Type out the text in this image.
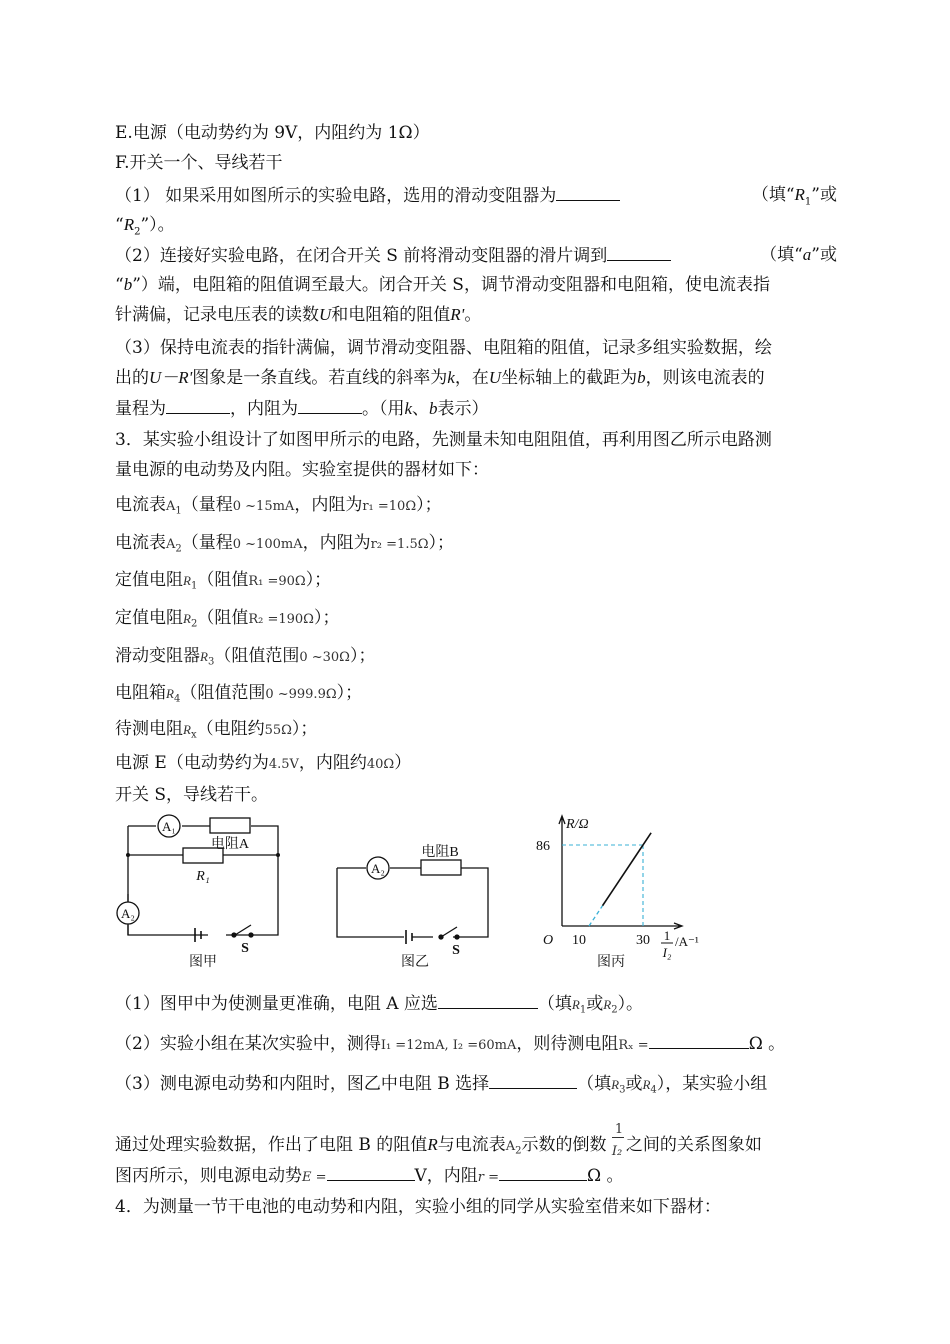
E.电源（电动势约为 9V，内阻约为 1Ω）
F.开关一个、导线若干
（1） 如果采用如图所示的实验电路，选用的滑动变阻器为	（填“$R_1$”或
“$R_2$”）。
（2）连接好实验电路，在闭合开关 S 前将滑动变阻器的滑片调到	（填“a”或
“b”）端，电阻箱的阻值调至最大。闭合开关 S，调节滑动变阻器和电阻箱，使电流表指
针满偏，记录电压表的读数U和电阻箱的阻值R'。
（3）保持电流表的指针满偏，调节滑动变阻器、电阻箱的阻值，记录多组实验数据，绘
出的U－R'图象是一条直线。若直线的斜率为k，在U坐标轴上的截距为b，则该电流表的
量程为	，内阻为	。（用k、b表示）
3．某实验小组设计了如图甲所示的电路，先测量未知电阻阻值，再利用图乙所示电路测
量电源的电动势及内阻。实验室提供的器材如下：
电流表$A_1$（量程0 ~15mA，内阻为r₁ =10Ω）；
电流表$A_2$（量程0 ~100mA，内阻为r₂ =1.5Ω）；
定值电阻$R_1$（阻值R₁ =90Ω）；
定值电阻$R_2$（阻值R₂ =190Ω）；
滑动变阻器$R_3$（阻值范围0 ~30Ω）；
电阻箱$R_4$（阻值范围0 ~999.9Ω）；
待测电阻$R_x$（电阻约55Ω）；
电源 E（电动势约为4.5V，内阻约40Ω）
开关 S，导线若干。
A₁
A₂
电阻A
R₁
S
图甲
A₂
电阻B
S
图乙
R/Ω
86
O 10	30 1
I₂
/A⁻¹
图丙
（1）图甲中为使测量更准确，电阻 A 应选	（填$R_1$或$R_2$）。
（2）实验小组在某次实验中，测得I₁ =12mA, I₂ =60mA，则待测电阻Rₓ =	Ω 。
（3）测电源电动势和内阻时，图乙中电阻 B 选择	（填$R_3$或$R_4$），某实验小组
通过处理实验数据，作出了电阻 B 的阻值R与电流表$A_2$示数的倒数 $\frac{1}{\text{I₂}}$ 之间的关系图象如
图丙所示，则电源电动势E =	V，内阻r =	Ω 。
4．为测量一节干电池的电动势和内阻，实验小组的同学从实验室借来如下器材：
